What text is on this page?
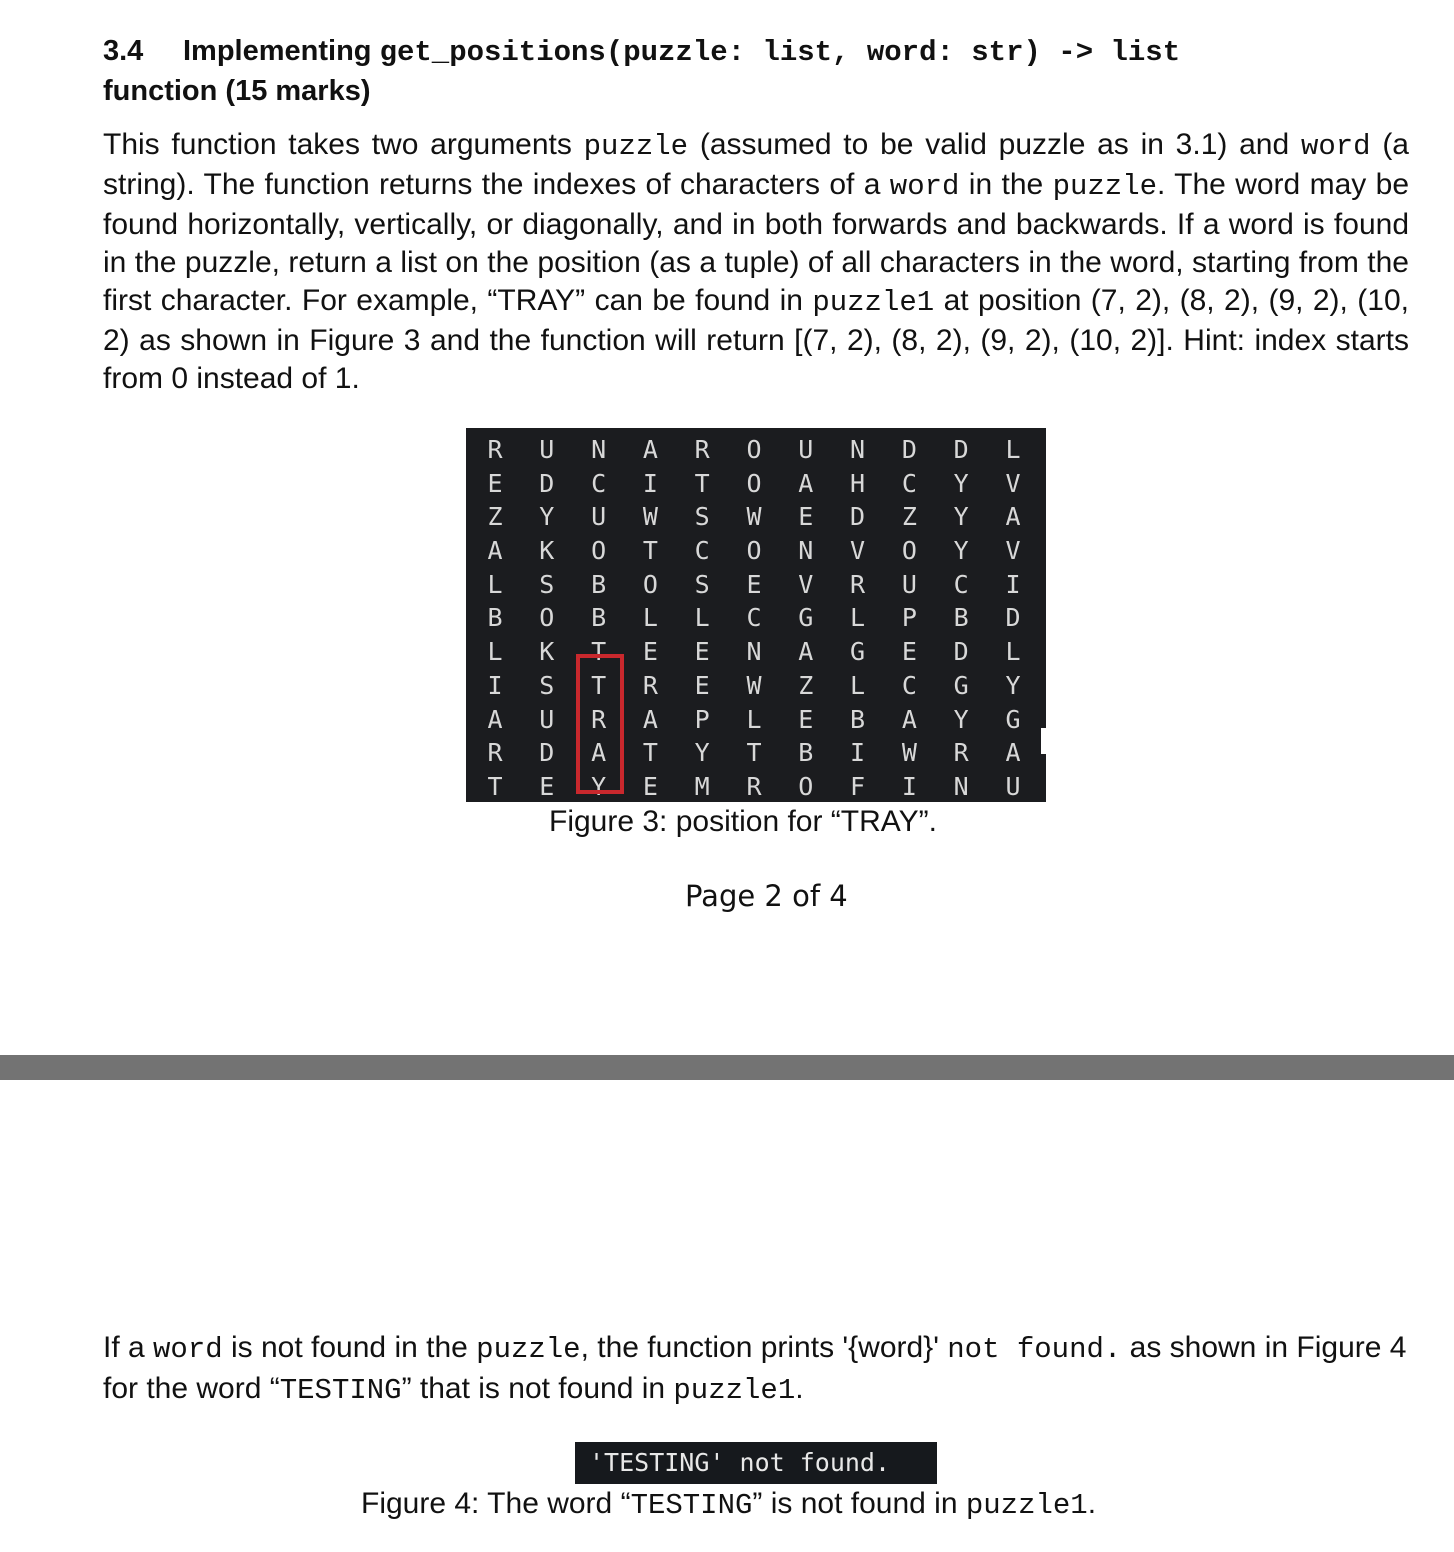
3.4 Implementing get_positions(puzzle: list, word: str) -> list
function (15 marks)
This function takes two arguments puzzle (assumed to be valid puzzle as in 3.1) and word (a string). The function returns the indexes of characters of a word in the puzzle. The word may be found horizontally, vertically, or diagonally, and in both forwards and backwards. If a word is found in the puzzle, return a list on the position (as a tuple) of all characters in the word, starting from the first character. For example, “TRAY” can be found in puzzle1 at position (7, 2), (8, 2), (9, 2), (10, 2) as shown in Figure 3 and the function will return [(7, 2), (8, 2), (9, 2), (10, 2)]. Hint: index starts from 0 instead of 1.
R U N A R O U N D D L
E D C I T O A H C Y V
Z Y U W S W E D Z Y A
A K O T C O N V O Y V
L S B O S E V R U C I
B O B L L C G L P B D
L K T E E N A G E D L
I S T R E W Z L C G Y
A U R A P L E B A Y G
R D A T Y T B I W R A
T E Y E M R O F I N U
Figure 3: position for “TRAY”.
Page 2 of 4
If a word is not found in the puzzle, the function prints '{word}' not found. as shown in Figure 4 for the word “TESTING” that is not found in puzzle1.
'TESTING' not found.
Figure 4: The word “TESTING” is not found in puzzle1.
